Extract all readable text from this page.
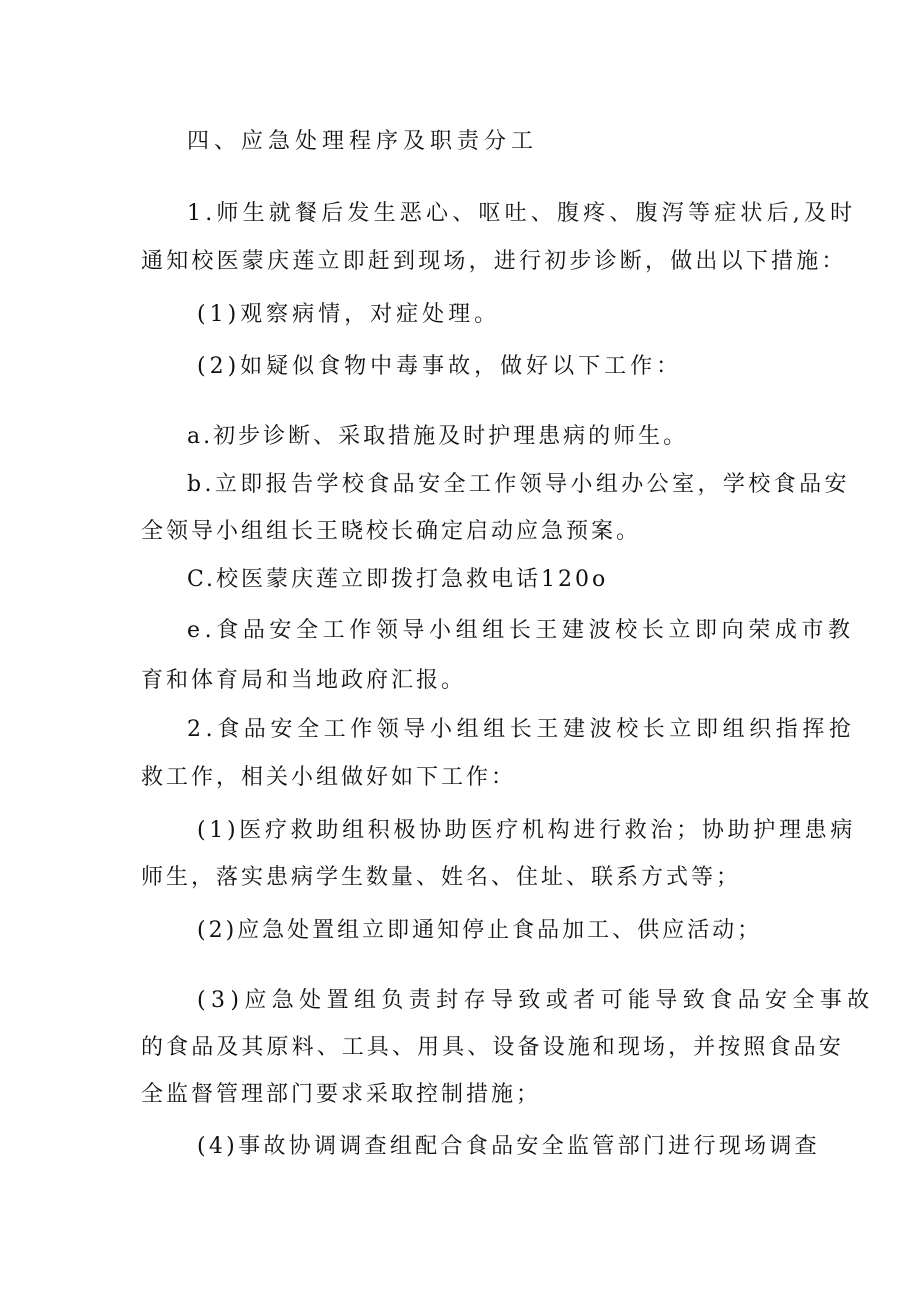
四、应急处理程序及职责分工
1.师生就餐后发生恶心、呕吐、腹疼、腹泻等症状后,及时
通知校医蒙庆莲立即赶到现场，进行初步诊断，做出以下措施：
(1)观察病情，对症处理。
(2)如疑似食物中毒事故，做好以下工作：
a.初步诊断、采取措施及时护理患病的师生。
b.立即报告学校食品安全工作领导小组办公室，学校食品安
全领导小组组长王晓校长确定启动应急预案。
C.校医蒙庆莲立即拨打急救电话120o
e.食品安全工作领导小组组长王建波校长立即向荣成市教
育和体育局和当地政府汇报。
2.食品安全工作领导小组组长王建波校长立即组织指挥抢
救工作，相关小组做好如下工作：
(1)医疗救助组积极协助医疗机构进行救治；协助护理患病
师生，落实患病学生数量、姓名、住址、联系方式等；
(2)应急处置组立即通知停止食品加工、供应活动；
(3)应急处置组负责封存导致或者可能导致食品安全事故
的食品及其原料、工具、用具、设备设施和现场，并按照食品安
全监督管理部门要求采取控制措施；
(4)事故协调调查组配合食品安全监管部门进行现场调查
